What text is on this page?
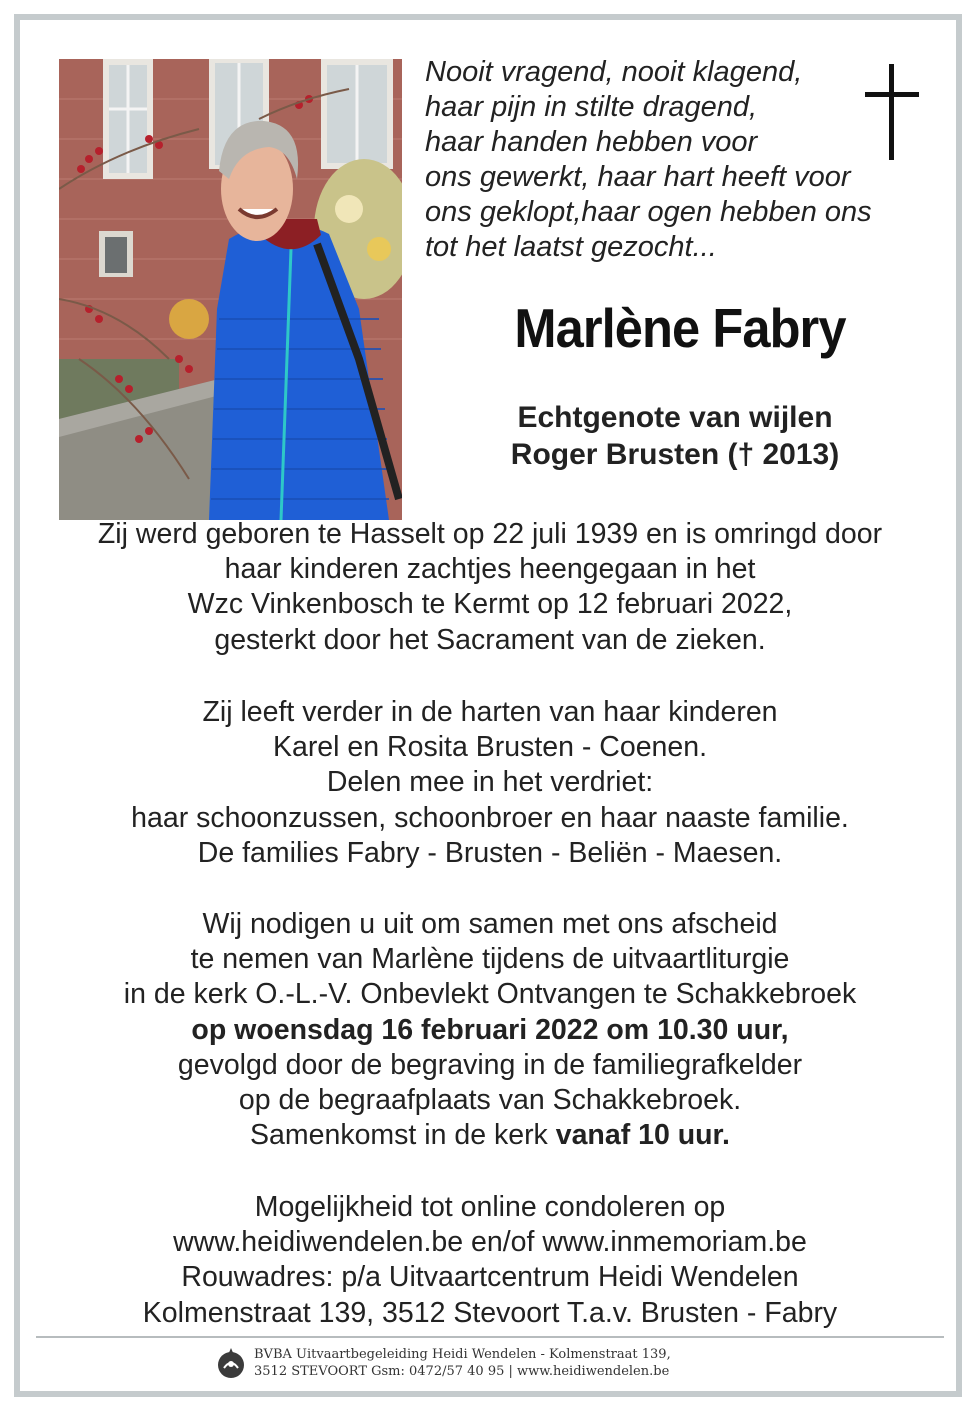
Nooit vragend, nooit klagend,
haar pijn in stilte dragend,
haar handen hebben voor
ons gewerkt, haar hart heeft voor
ons geklopt,haar ogen hebben ons
tot het laatst gezocht...
Marlène Fabry
Echtgenote van wijlen
Roger Brusten († 2013)
Zij werd geboren te Hasselt op 22 juli 1939 en is omringd door
haar kinderen zachtjes heengegaan in het
Wzc Vinkenbosch te Kermt op 12 februari 2022,
gesterkt door het Sacrament van de zieken.
Zij leeft verder in de harten van haar kinderen
Karel en Rosita Brusten - Coenen.
Delen mee in het verdriet:
haar schoonzussen, schoonbroer en haar naaste familie.
De families Fabry - Brusten - Beliën - Maesen.
Wij nodigen u uit om samen met ons afscheid
te nemen van Marlène tijdens de uitvaartliturgie
in de kerk O.-L.-V. Onbevlekt Ontvangen te Schakkebroek
op woensdag 16 februari 2022 om 10.30 uur,
gevolgd door de begraving in de familiegrafkelder
op de begraafplaats van Schakkebroek.
Samenkomst in de kerk vanaf 10 uur.
Mogelijkheid tot online condoleren op
www.heidiwendelen.be en/of www.inmemoriam.be
Rouwadres: p/a Uitvaartcentrum Heidi Wendelen
Kolmenstraat 139, 3512 Stevoort T.a.v. Brusten - Fabry
BVBA Uitvaartbegeleiding Heidi Wendelen - Kolmenstraat 139,
3512 STEVOORT Gsm: 0472/57 40 95 | www.heidiwendelen.be
